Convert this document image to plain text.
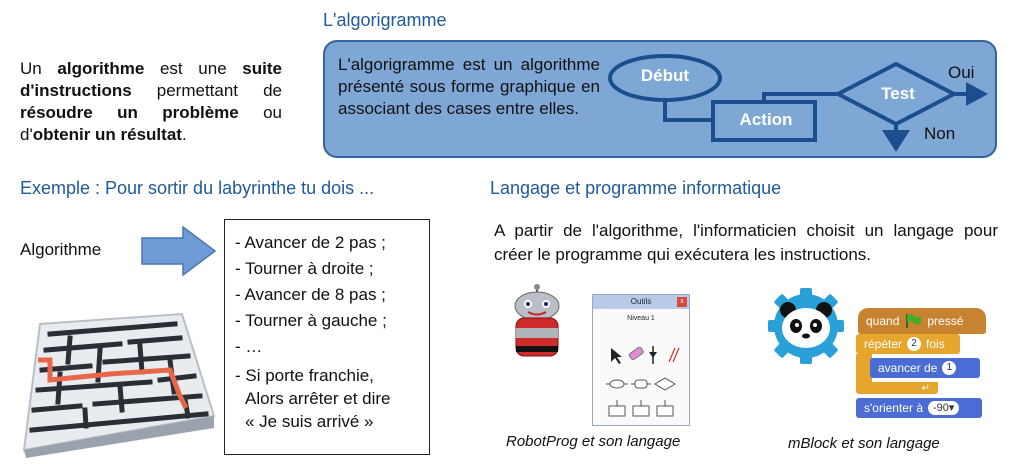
Un algorithme est une suite d'instructions permettant de résoudre un problème ou d'obtenir un résultat.

L'algorigramme

L'algorigramme est un algorithme présenté sous forme graphique en associant des cases entre elles.

Début
Action
Test
Oui
Non
Exemple : Pour sortir du labyrinthe tu dois ...
Algorithme	- Avancer de 2 pas ;
- Tourner à droite ;
- Avancer de 8 pas ;
- Tourner à gauche ;
- …
- Si porte franchie,
Alors arrêter et dire
« Je suis arrivé »
Langage et programme informatique

A partir de l'algorithme, l'informaticien choisit un langage pour créer le programme qui exécutera les instructions.

Outils	x
Niveau 1
RobotProg et son langage
quand pressé
répéter 2 fois
avancer de 1
↵
s'orienter à -90▾
mBlock et son langage
